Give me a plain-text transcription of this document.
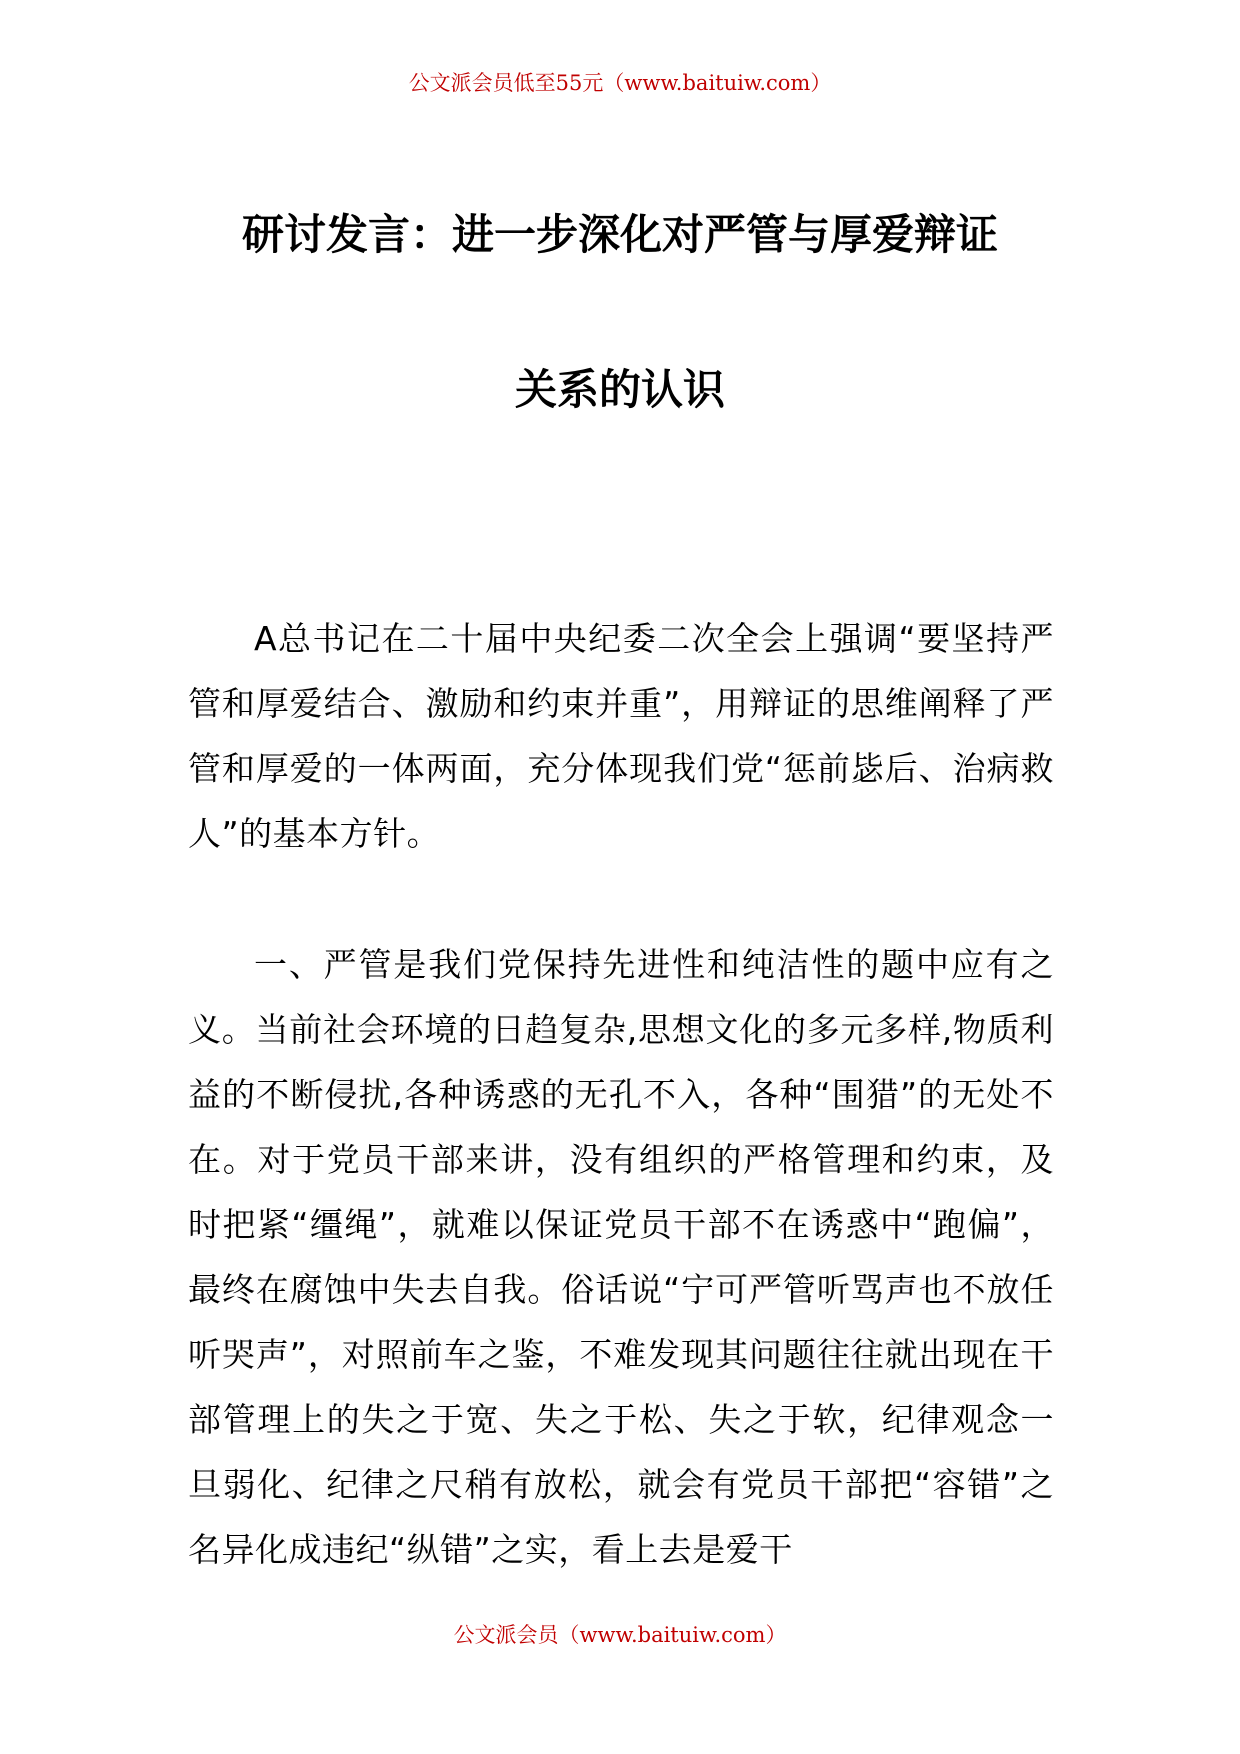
公文派会员低至55元（www.baituiw.com）
研讨发言：进一步深化对严管与厚爱辩证
关系的认识

A总书记在二十届中央纪委二次全会上强调“要坚持严管和厚爱结合、激励和约束并重”，用辩证的思维阐释了严管和厚爱的一体两面，充分体现我们党“惩前毖后、治病救人”的基本方针。

一、严管是我们党保持先进性和纯洁性的题中应有之义。当前社会环境的日趋复杂,思想文化的多元多样,物质利益的不断侵扰,各种诱惑的无孔不入，各种“围猎”的无处不在。对于党员干部来讲，没有组织的严格管理和约束，及时把紧“缰绳”，就难以保证党员干部不在诱惑中“跑偏”，最终在腐蚀中失去自我。俗话说“宁可严管听骂声也不放任听哭声”，对照前车之鉴，不难发现其问题往往就出现在干部管理上的失之于宽、失之于松、失之于软，纪律观念一旦弱化、纪律之尺稍有放松，就会有党员干部把“容错”之名异化成违纪“纵错”之实，看上去是爱干

公文派会员（www.baituiw.com）
